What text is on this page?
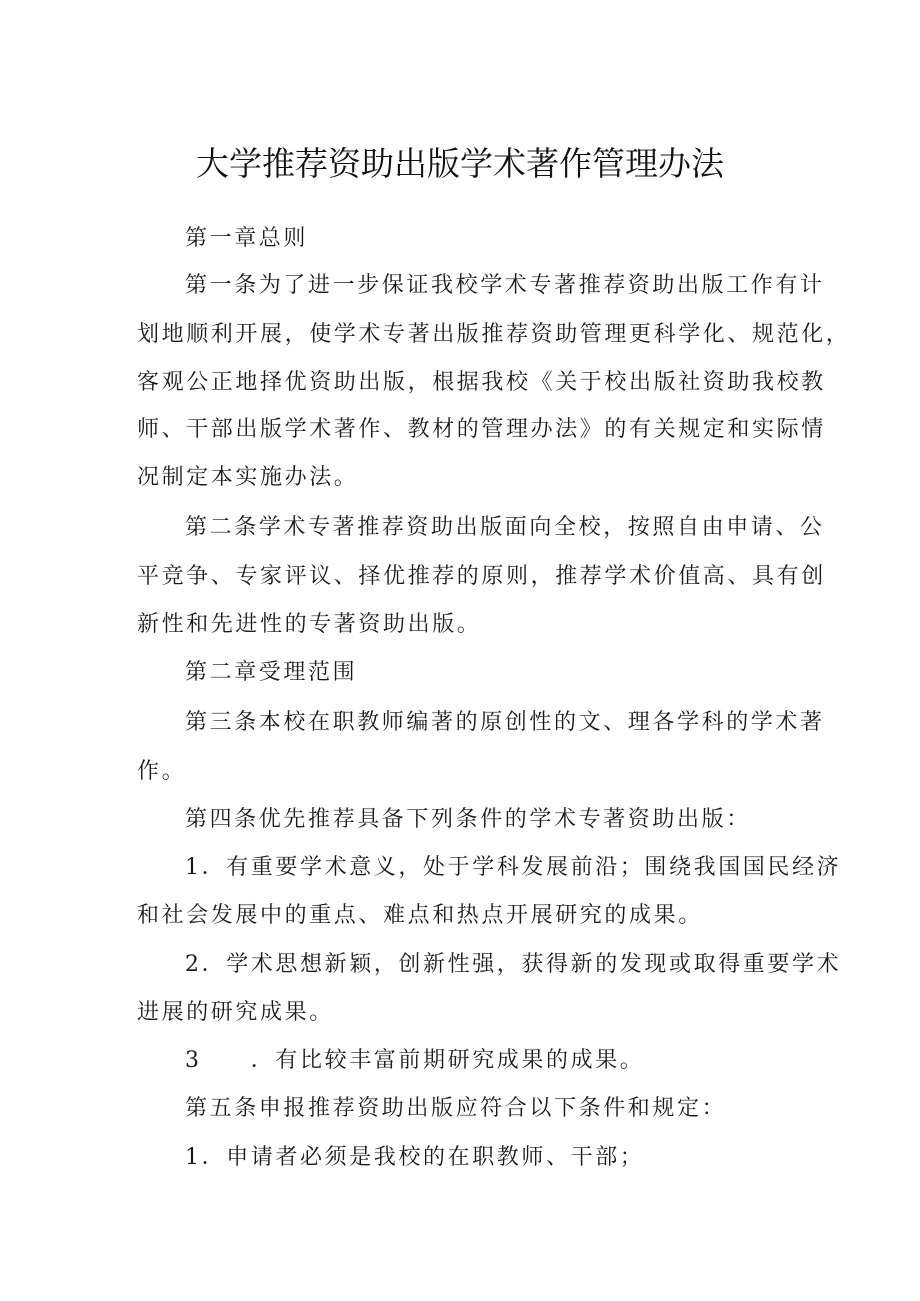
大学推荐资助出版学术著作管理办法
第一章总则
第一条为了进一步保证我校学术专著推荐资助出版工作有计
划地顺利开展，使学术专著出版推荐资助管理更科学化、规范化，
客观公正地择优资助出版，根据我校《关于校出版社资助我校教
师、干部出版学术著作、教材的管理办法》的有关规定和实际情
况制定本实施办法。
第二条学术专著推荐资助出版面向全校，按照自由申请、公
平竞争、专家评议、择优推荐的原则，推荐学术价值高、具有创
新性和先进性的专著资助出版。
第二章受理范围
第三条本校在职教师编著的原创性的文、理各学科的学术著
作。
第四条优先推荐具备下列条件的学术专著资助出版：
1．有重要学术意义，处于学科发展前沿；围绕我国国民经济
和社会发展中的重点、难点和热点开展研究的成果。
2．学术思想新颖，创新性强，获得新的发现或取得重要学术
进展的研究成果。
3　　．有比较丰富前期研究成果的成果。
第五条申报推荐资助出版应符合以下条件和规定：
1．申请者必须是我校的在职教师、干部；
